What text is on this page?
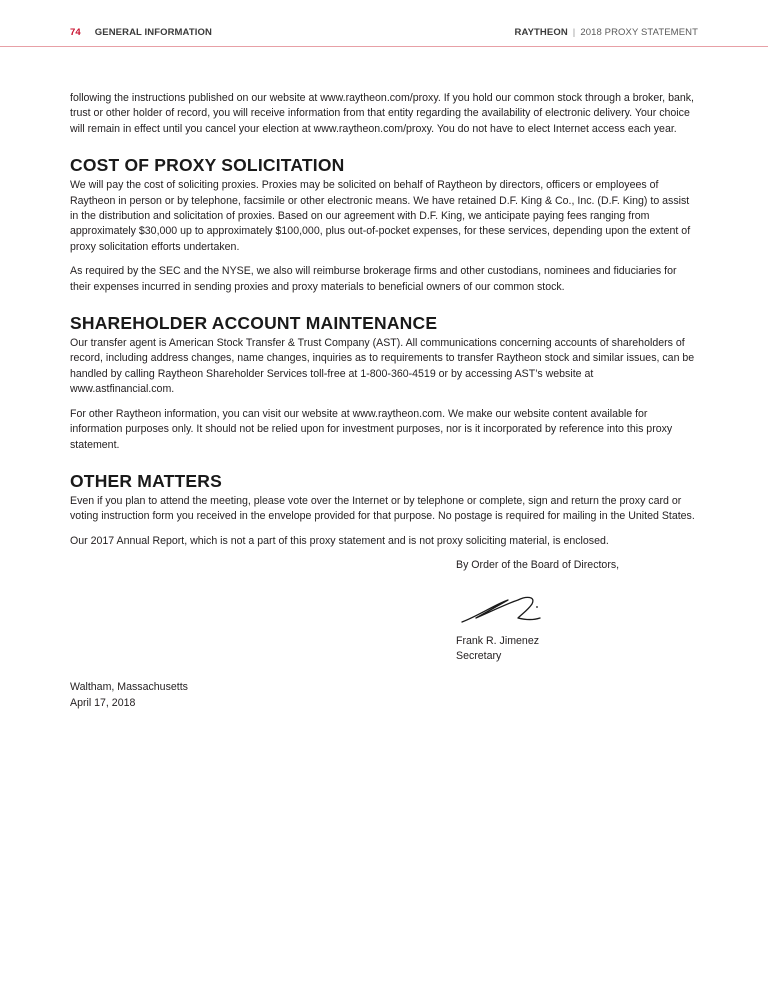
74 GENERAL INFORMATION	RAYTHEON | 2018 PROXY STATEMENT

following the instructions published on our website at www.raytheon.com/proxy. If you hold our common stock through a broker, bank, trust or other holder of record, you will receive information from that entity regarding the availability of electronic delivery. Your choice will remain in effect until you cancel your election at www.raytheon.com/proxy. You do not have to elect Internet access each year.

COST OF PROXY SOLICITATION

We will pay the cost of soliciting proxies. Proxies may be solicited on behalf of Raytheon by directors, officers or employees of Raytheon in person or by telephone, facsimile or other electronic means. We have retained D.F. King & Co., Inc. (D.F. King) to assist in the distribution and solicitation of proxies. Based on our agreement with D.F. King, we anticipate paying fees ranging from approximately $30,000 up to approximately $100,000, plus out-of-pocket expenses, for these services, depending upon the extent of proxy solicitation efforts undertaken.

As required by the SEC and the NYSE, we also will reimburse brokerage firms and other custodians, nominees and fiduciaries for their expenses incurred in sending proxies and proxy materials to beneficial owners of our common stock.

SHAREHOLDER ACCOUNT MAINTENANCE

Our transfer agent is American Stock Transfer & Trust Company (AST). All communications concerning accounts of shareholders of record, including address changes, name changes, inquiries as to requirements to transfer Raytheon stock and similar issues, can be handled by calling Raytheon Shareholder Services toll-free at 1-800-360-4519 or by accessing AST’s website at www.astfinancial.com.

For other Raytheon information, you can visit our website at www.raytheon.com. We make our website content available for information purposes only. It should not be relied upon for investment purposes, nor is it incorporated by reference into this proxy statement.

OTHER MATTERS

Even if you plan to attend the meeting, please vote over the Internet or by telephone or complete, sign and return the proxy card or voting instruction form you received in the envelope provided for that purpose. No postage is required for mailing in the United States.

Our 2017 Annual Report, which is not a part of this proxy statement and is not proxy soliciting material, is enclosed.

By Order of the Board of Directors,

Frank R. Jimenez

Secretary

Waltham, Massachusetts

April 17, 2018
